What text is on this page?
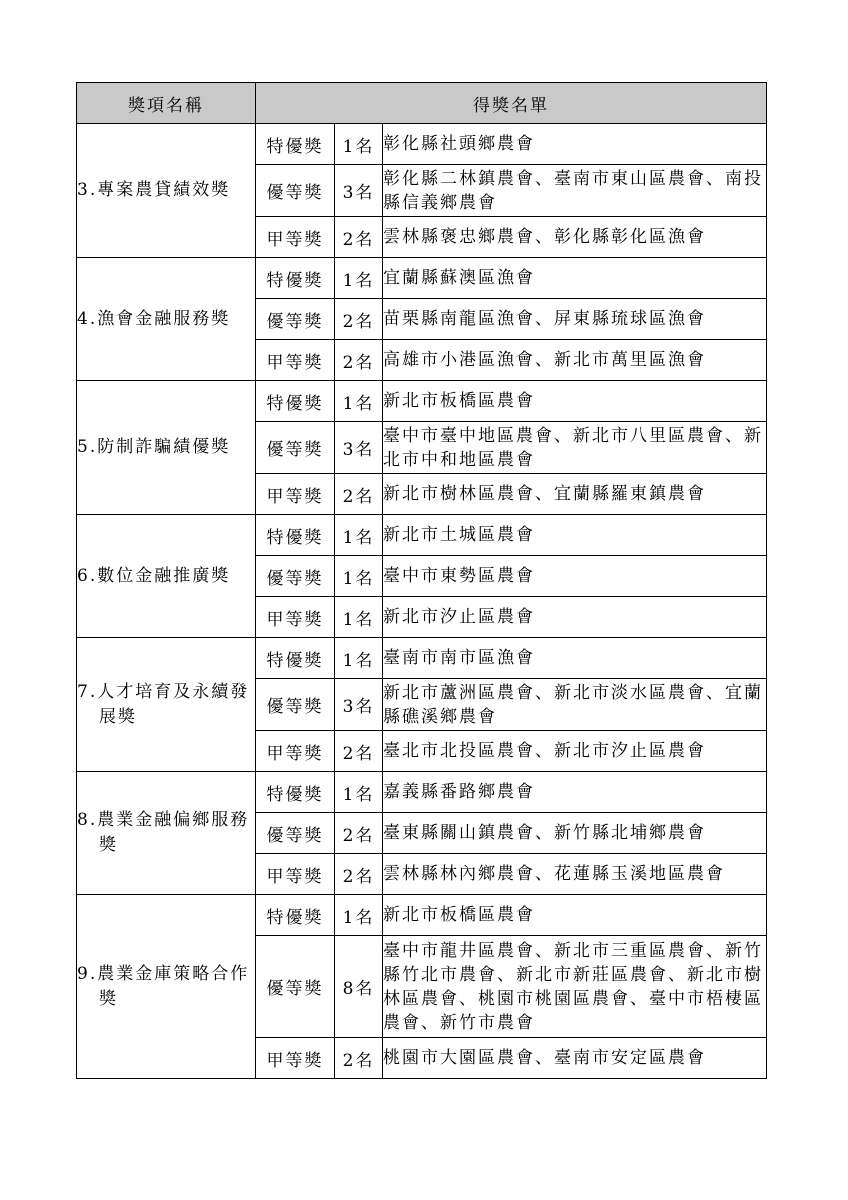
獎項名稱	得獎名單		

3.專案農貸績效獎	特優獎	1名	彰化縣社頭鄉農會
	優等獎	3名	彰化縣二林鎮農會、臺南市東山區農會、南投縣信義鄉農會
	甲等獎	2名	雲林縣褒忠鄉農會、彰化縣彰化區漁會

4.漁會金融服務獎	特優獎	1名	宜蘭縣蘇澳區漁會
	優等獎	2名	苗栗縣南龍區漁會、屏東縣琉球區漁會
	甲等獎	2名	高雄市小港區漁會、新北市萬里區漁會

5.防制詐騙績優獎	特優獎	1名	新北市板橋區農會
	優等獎	3名	臺中市臺中地區農會、新北市八里區農會、新北市中和地區農會
	甲等獎	2名	新北市樹林區農會、宜蘭縣羅東鎮農會

6.數位金融推廣獎	特優獎	1名	新北市土城區農會
	優等獎	1名	臺中市東勢區農會
	甲等獎	1名	新北市汐止區農會

7.人才培育及永續發展獎	特優獎	1名	臺南市南市區漁會
	優等獎	3名	新北市蘆洲區農會、新北市淡水區農會、宜蘭縣礁溪鄉農會
	甲等獎	2名	臺北市北投區農會、新北市汐止區農會

8.農業金融偏鄉服務獎	特優獎	1名	嘉義縣番路鄉農會
	優等獎	2名	臺東縣關山鎮農會、新竹縣北埔鄉農會
	甲等獎	2名	雲林縣林內鄉農會、花蓮縣玉溪地區農會

9.農業金庫策略合作獎	特優獎	1名	新北市板橋區農會
	優等獎	8名	臺中市龍井區農會、新北市三重區農會、新竹縣竹北市農會、新北市新莊區農會、新北市樹林區農會、桃園市桃園區農會、臺中市梧棲區農會、新竹市農會
	甲等獎	2名	桃園市大園區農會、臺南市安定區農會
